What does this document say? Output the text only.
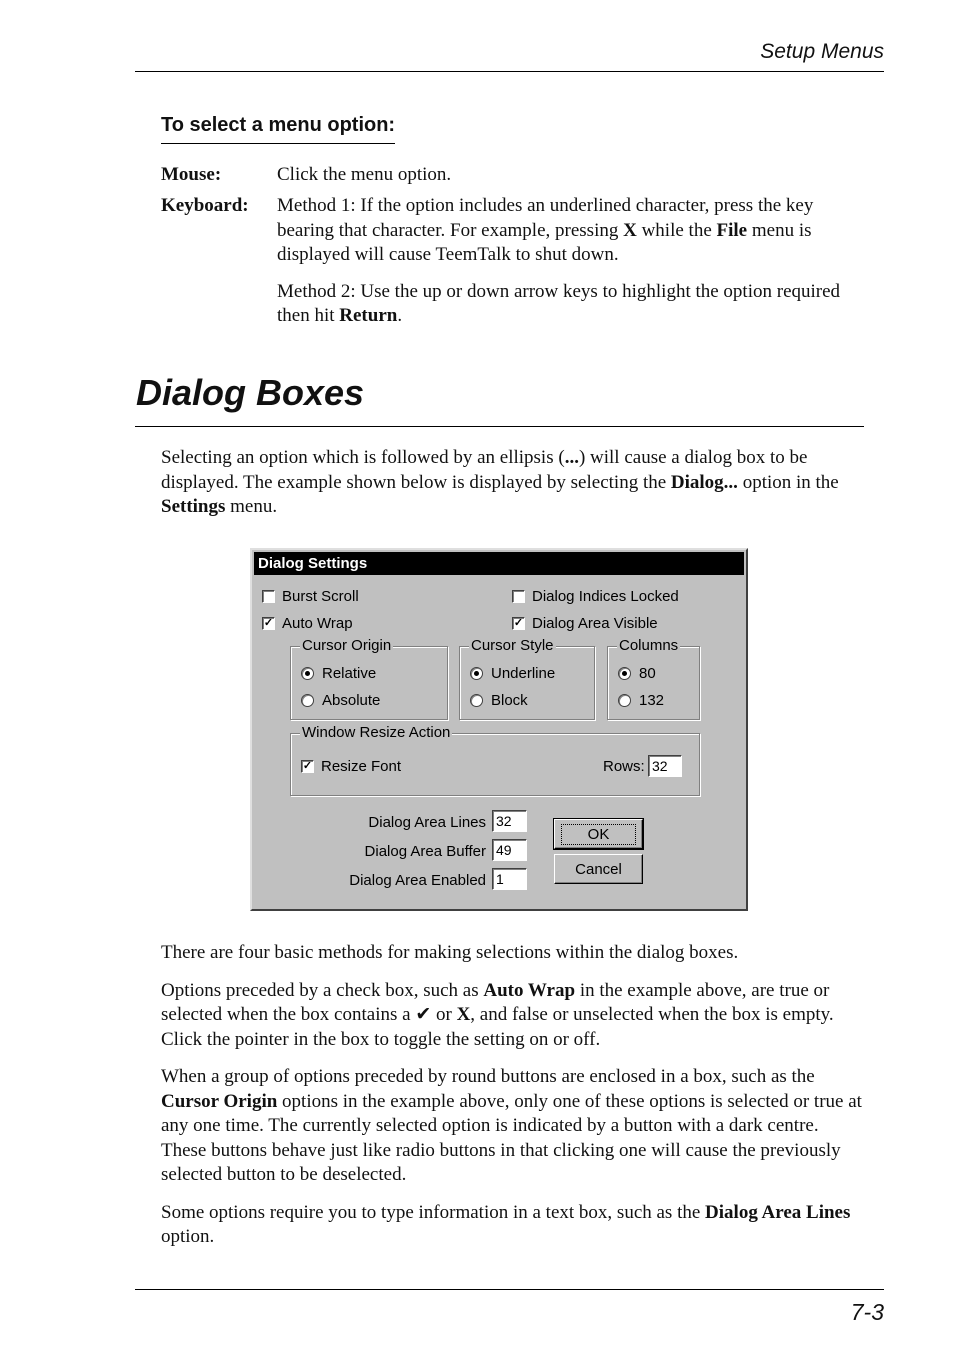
Setup Menus
To select a menu option:
Mouse:	Click the menu option.
Keyboard: Method 1: If the option includes an underlined character, press the key bearing that character. For example, pressing X while the File menu is displayed will cause TeemTalk to shut down.

Method 2: Use the up or down arrow keys to highlight the option required then hit Return.

Dialog Boxes

Selecting an option which is followed by an ellipsis (...) will cause a dialog box to be displayed. The example shown below is displayed by selecting the Dialog... option in the Settings menu.

Dialog Settings
Burst Scroll
✓ Auto Wrap
Dialog Indices Locked
✓ Dialog Area Visible
Cursor Origin
Relative
Absolute
Cursor Style
Underline
Block
Columns
80
132
Window Resize Action
✓ Resize Font	Rows: 32
Dialog Area Lines 32
Dialog Area Buffer 49
Dialog Area Enabled 1
OK
Cancel

There are four basic methods for making selections within the dialog boxes.

Options preceded by a check box, such as Auto Wrap in the example above, are true or selected when the box contains a ✔ or X, and false or unselected when the box is empty. Click the pointer in the box to toggle the setting on or off.

When a group of options preceded by round buttons are enclosed in a box, such as the Cursor Origin options in the example above, only one of these options is selected or true at any one time. The currently selected option is indicated by a button with a dark centre. These buttons behave just like radio buttons in that clicking one will cause the previously selected button to be deselected.

Some options require you to type information in a text box, such as the Dialog Area Lines option.

7-3
